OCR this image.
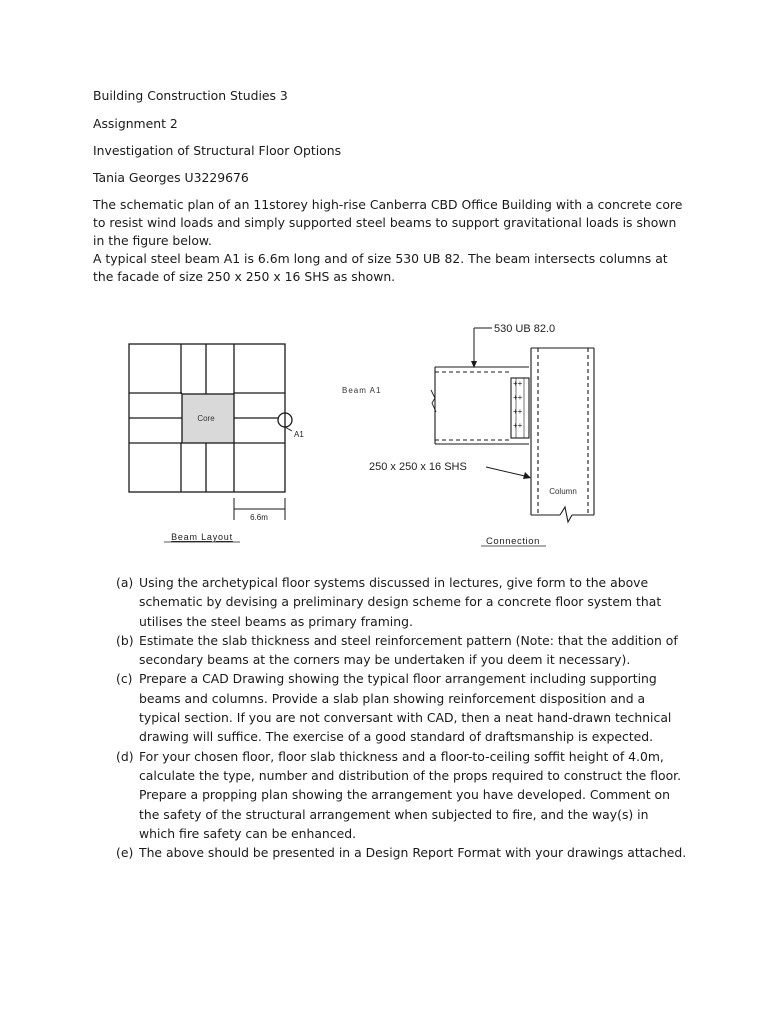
Building Construction Studies 3
Assignment 2
Investigation of Structural Floor Options
Tania Georges U3229676

The schematic plan of an 11storey high-rise Canberra CBD Office Building with a concrete core to resist wind loads and simply supported steel beams to support gravitational loads is shown in the figure below.

A typical steel beam A1 is 6.6m long and of size 530 UB 82. The beam intersects columns at the facade of size 250 x 250 x 16 SHS as shown.

Core
A1
6.6m
Beam Layout
++
++
++
++
530 UB 82.0
Beam A1
250 x 250 x 16 SHS
Column
Connection
(a) Using the archetypical floor systems discussed in lectures, give form to the above schematic by devising a preliminary design scheme for a concrete floor system that utilises the steel beams as primary framing.
(b) Estimate the slab thickness and steel reinforcement pattern (Note: that the addition of secondary beams at the corners may be undertaken if you deem it necessary).
(c) Prepare a CAD Drawing showing the typical floor arrangement including supporting beams and columns. Provide a slab plan showing reinforcement disposition and a typical section. If you are not conversant with CAD, then a neat hand-drawn technical drawing will suffice. The exercise of a good standard of draftsmanship is expected.
(d) For your chosen floor, floor slab thickness and a floor-to-ceiling soffit height of 4.0m, calculate the type, number and distribution of the props required to construct the floor. Prepare a propping plan showing the arrangement you have developed. Comment on the safety of the structural arrangement when subjected to fire, and the way(s) in which fire safety can be enhanced.
(e) The above should be presented in a Design Report Format with your drawings attached.
